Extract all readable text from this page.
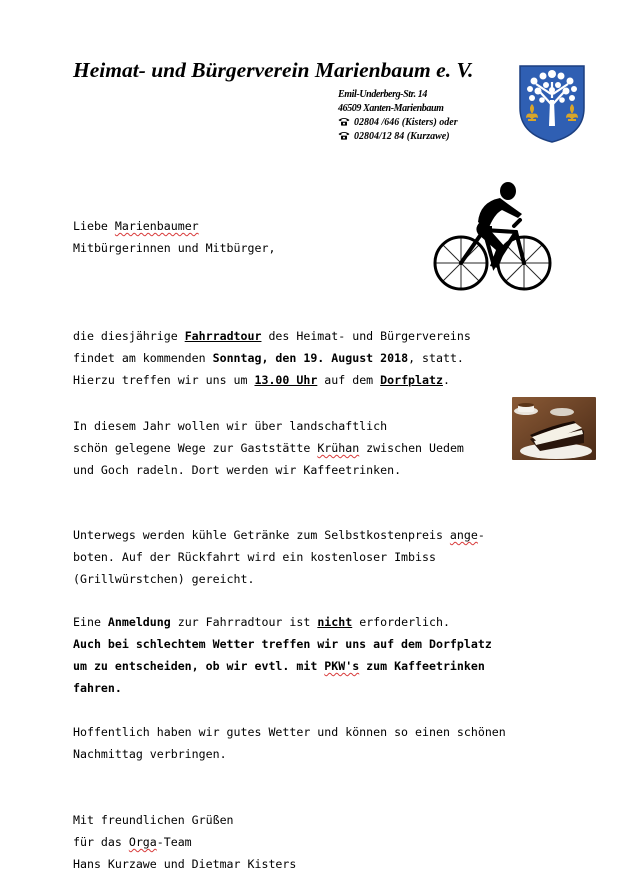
Heimat- und Bürgerverein Marienbaum e. V.
Emil-Underberg-Str. 14
46509 Xanten-Marienbaum
02804 /646 (Kisters) oder
02804/12 84 (Kurzawe)

Liebe Marienbaumer
Mitbürgerinnen und Mitbürger,

die diesjährige Fahrradtour des Heimat- und Bürgervereins
findet am kommenden Sonntag, den 19. August 2018, statt.
Hierzu treffen wir uns um 13.00 Uhr auf dem Dorfplatz.

In diesem Jahr wollen wir über landschaftlich
schön gelegene Wege zur Gaststätte Krühan zwischen Uedem
und Goch radeln. Dort werden wir Kaffeetrinken.

Unterwegs werden kühle Getränke zum Selbstkostenpreis ange-
boten. Auf der Rückfahrt wird ein kostenloser Imbiss
(Grillwürstchen) gereicht.

Eine Anmeldung zur Fahrradtour ist nicht erforderlich.
Auch bei schlechtem Wetter treffen wir uns auf dem Dorfplatz
um zu entscheiden, ob wir evtl. mit PKW's zum Kaffeetrinken
fahren.

Hoffentlich haben wir gutes Wetter und können so einen schönen
Nachmittag verbringen.

Mit freundlichen Grüßen
für das Orga-Team
Hans Kurzawe und Dietmar Kisters
